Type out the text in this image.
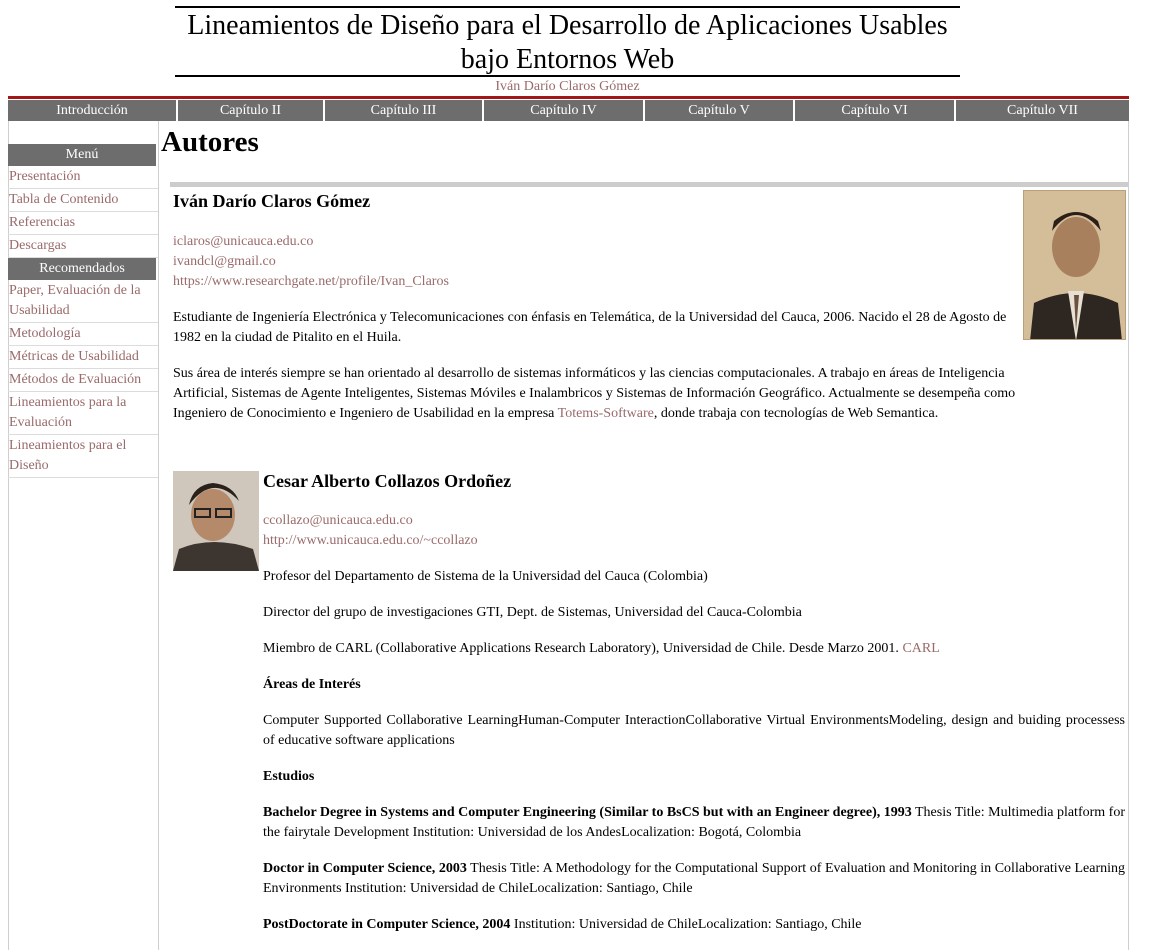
Lineamientos de Diseño para el Desarrollo de Aplicaciones Usables bajo Entornos Web
Iván Darío Claros Gómez
Introducción	Capítulo II	Capítulo III	Capítulo IV	Capítulo V	Capítulo VI	Capítulo VII
Menú
Presentación
Tabla de Contenido
Referencias
Descargas
Recomendados
Paper, Evaluación de la Usabilidad
Metodología
Métricas de Usabilidad
Métodos de Evaluación
Lineamientos para la Evaluación
Lineamientos para el Diseño
Autores
Iván Darío Claros Gómez
iclaros@unicauca.edu.co
ivandcl@gmail.co
https://www.researchgate.net/profile/Ivan_Claros

Estudiante de Ingeniería Electrónica y Telecomunicaciones con énfasis en Telemática, de la Universidad del Cauca, 2006. Nacido el 28 de Agosto de 1982 en la ciudad de Pitalito en el Huila.

Sus área de interés siempre se han orientado al desarrollo de sistemas informáticos y las ciencias computacionales. A trabajo en áreas de Inteligencia Artificial, Sistemas de Agente Inteligentes, Sistemas Móviles e Inalambricos y Sistemas de Información Geográfico. Actualmente se desempeña como Ingeniero de Conocimiento e Ingeniero de Usabilidad en la empresa Totems-Software, donde trabaja con tecnologías de Web Semantica.

Cesar Alberto Collazos Ordoñez
ccollazo@unicauca.edu.co
http://www.unicauca.edu.co/~ccollazo

Profesor del Departamento de Sistema de la Universidad del Cauca (Colombia)

Director del grupo de investigaciones GTI, Dept. de Sistemas, Universidad del Cauca-Colombia

Miembro de CARL (Collaborative Applications Research Laboratory), Universidad de Chile. Desde Marzo 2001. CARL

Áreas de Interés

Computer Supported Collaborative LearningHuman-Computer InteractionCollaborative Virtual EnvironmentsModeling, design and buiding processess of educative software applications

Estudios

Bachelor Degree in Systems and Computer Engineering (Similar to BsCS but with an Engineer degree), 1993 Thesis Title: Multimedia platform for the fairytale Development Institution: Universidad de los AndesLocalization: Bogotá, Colombia

Doctor in Computer Science, 2003 Thesis Title: A Methodology for the Computational Support of Evaluation and Monitoring in Collaborative Learning Environments Institution: Universidad de ChileLocalization: Santiago, Chile

PostDoctorate in Computer Science, 2004 Institution: Universidad de ChileLocalization: Santiago, Chile
